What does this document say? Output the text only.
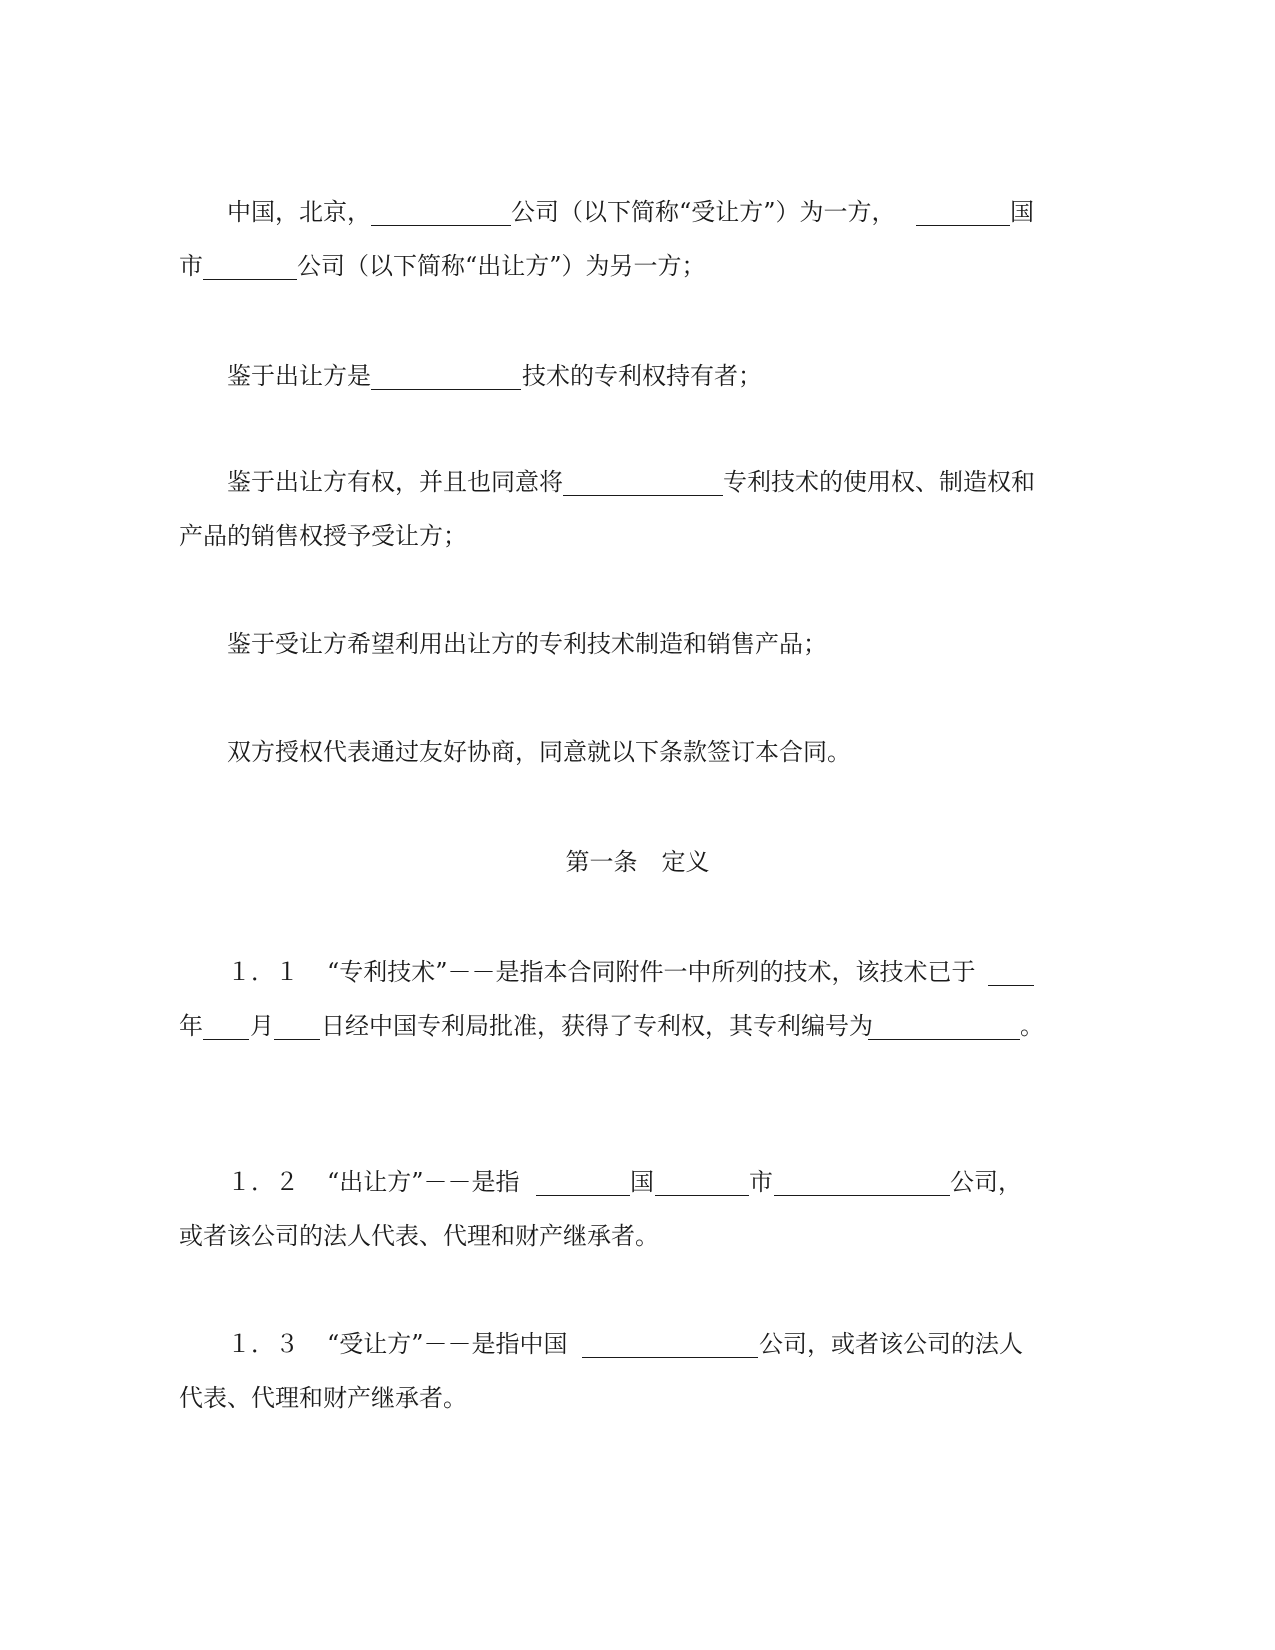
中国，北京，	公司（以下简称“受让方”）为一方，	国
市	公司（以下简称“出让方”）为另一方；
鉴于出让方是	技术的专利权持有者；
鉴于出让方有权，并且也同意将	专利技术的使用权、制造权和
产品的销售权授予受让方；
鉴于受让方希望利用出让方的专利技术制造和销售产品；
双方授权代表通过友好协商，同意就以下条款签订本合同。
第一条 定义
１．１ “专利技术”－－是指本合同附件一中所列的技术，该技术已于
年 月 日经中国专利局批准，获得了专利权，其专利编号为	。
１．２ “出让方”－－是指	国	市	公司，
或者该公司的法人代表、代理和财产继承者。
１．３ “受让方”－－是指中国	公司，或者该公司的法人
代表、代理和财产继承者。
